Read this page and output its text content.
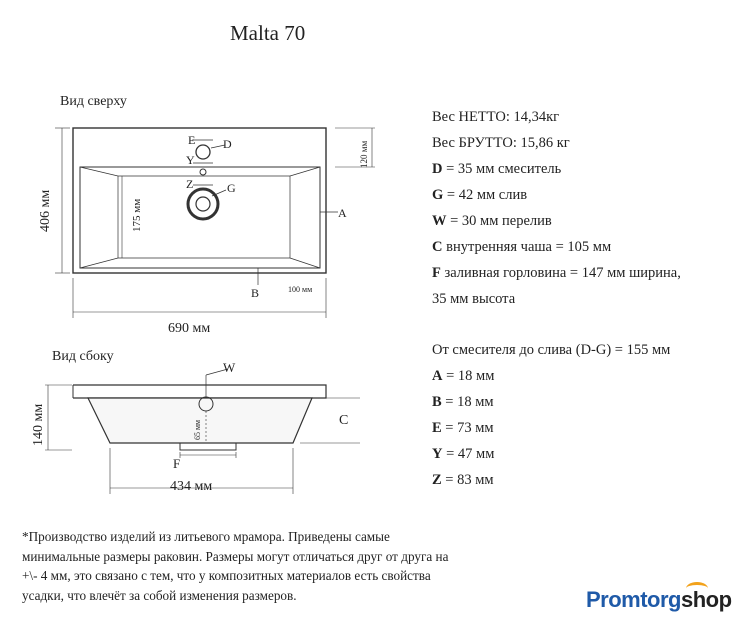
Malta 70
Вид сверху
E D
Y
Z	G
A
B
120 мм
175 мм
100 мм
406 мм
690 мм
Вид сбоку
W
C
F
65 мм
140 мм
434 мм
Вес НЕТТО: 14,34кг
Вес БРУТТО: 15,86 кг
D = 35 мм смеситель
G = 42 мм слив
W = 30 мм перелив
C внутренняя чаша = 105 мм
F заливная горловина = 147 мм ширина,
35 мм высота
От смесителя до слива (D-G) = 155 мм
A = 18 мм
B = 18 мм
E = 73 мм
Y = 47 мм
Z = 83 мм
*Производство изделий из литьевого мрамора. Приведены самые минимальные размеры раковин. Размеры могут отличаться друг от друга на +\- 4 мм, это связано с тем, что у композитных материалов есть свойства усадки, что влечёт за собой изменения размеров.	Promtorgshop
